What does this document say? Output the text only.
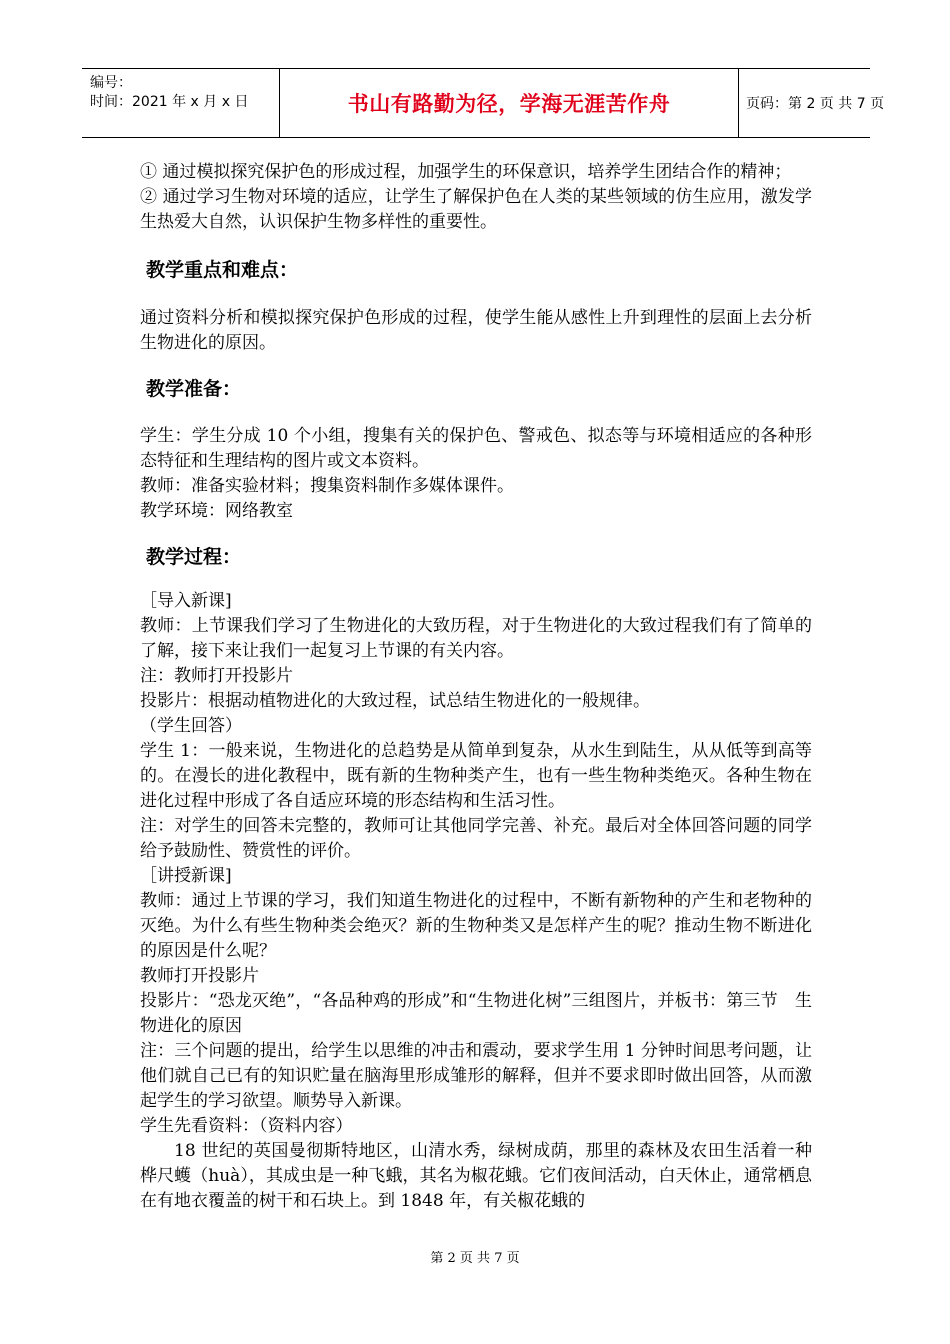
编号：
时间：2021 年 x 月 x 日	书山有路勤为径，学海无涯苦作舟	页码：第 2 页 共 7 页

① 通过模拟探究保护色的形成过程，加强学生的环保意识，培养学生团结合作的精神；

② 通过学习生物对环境的适应，让学生了解保护色在人类的某些领域的仿生应用，激发学生热爱大自然，认识保护生物多样性的重要性。

教学重点和难点：

通过资料分析和模拟探究保护色形成的过程，使学生能从感性上升到理性的层面上去分析生物进化的原因。

教学准备：

学生：学生分成 10 个小组，搜集有关的保护色、警戒色、拟态等与环境相适应的各种形态特征和生理结构的图片或文本资料。

教师：准备实验材料；搜集资料制作多媒体课件。

教学环境：网络教室

教学过程：

［导入新课]

教师：上节课我们学习了生物进化的大致历程，对于生物进化的大致过程我们有了简单的了解，接下来让我们一起复习上节课的有关内容。

注：教师打开投影片

投影片：根据动植物进化的大致过程，试总结生物进化的一般规律。

（学生回答）

学生 1：一般来说，生物进化的总趋势是从简单到复杂，从水生到陆生，从从低等到高等的。在漫长的进化教程中，既有新的生物种类产生，也有一些生物种类绝灭。各种生物在进化过程中形成了各自适应环境的形态结构和生活习性。

注：对学生的回答未完整的，教师可让其他同学完善、补充。最后对全体回答问题的同学给予鼓励性、赞赏性的评价。

［讲授新课]

教师：通过上节课的学习，我们知道生物进化的过程中，不断有新物种的产生和老物种的灭绝。为什么有些生物种类会绝灭？新的生物种类又是怎样产生的呢？推动生物不断进化的原因是什么呢？

教师打开投影片

投影片：“恐龙灭绝”，“各品种鸡的形成”和“生物进化树”三组图片，并板书：第三节　生物进化的原因

注：三个问题的提出，给学生以思维的冲击和震动，要求学生用 1 分钟时间思考问题，让他们就自己已有的知识贮量在脑海里形成雏形的解释，但并不要求即时做出回答，从而激起学生的学习欲望。顺势导入新课。

学生先看资料：（资料内容）

18 世纪的英国曼彻斯特地区，山清水秀，绿树成荫，那里的森林及农田生活着一种桦尺蠖（huà），其成虫是一种飞蛾，其名为椒花蛾。它们夜间活动，白天休止，通常栖息在有地衣覆盖的树干和石块上。到 1848 年，有关椒花蛾的

第 2 页 共 7 页
